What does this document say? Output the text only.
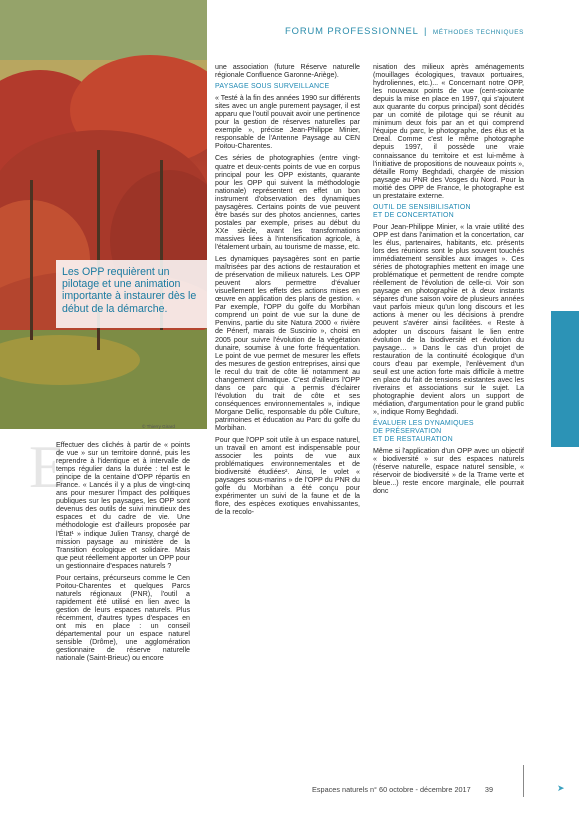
Les OPP requièrent un pilotage et une animation importante à instaurer dès le début de la démarche.

© Thierry Girard
FORUM PROFESSIONNEL | MÉTHODES TECHNIQUES
E

Effectuer des clichés à partir de « points de vue » sur un territoire donné, puis les reprendre à l'identique et à intervalle de temps régulier dans la durée : tel est le principe de la centaine d'OPP répartis en France. « Lancés il y a plus de vingt-cinq ans pour mesurer l'impact des politiques publiques sur les paysages, les OPP sont devenus des outils de suivi minutieux des espaces et du cadre de vie. Une méthodologie est d'ailleurs proposée par l'État¹ » indique Julien Transy, chargé de mission paysage au ministère de la Transition écologique et solidaire. Mais que peut réellement apporter un OPP pour un gestionnaire d'espaces naturels ?

Pour certains, précurseurs comme le Cen Poitou-Charentes et quelques Parcs naturels régionaux (PNR), l'outil a rapidement été utilisé en lien avec la gestion de leurs espaces naturels. Plus récemment, d'autres types d'espaces en ont mis en place : un conseil départemental pour un espace naturel sensible (Drôme), une agglomération gestionnaire de réserve naturelle nationale (Saint-Brieuc) ou encore

une association (future Réserve naturelle régionale Confluence Garonne-Ariège).

PAYSAGE SOUS SURVEILLANCE

« Testé à la fin des années 1990 sur différents sites avec un angle purement paysager, il est apparu que l'outil pouvait avoir une pertinence pour la gestion de réserves naturelles par exemple », précise Jean-Philippe Minier, responsable de l'Antenne Paysage au CEN Poitou-Charentes.

Ces séries de photographies (entre vingt-quatre et deux-cents points de vue en corpus principal pour les OPP existants, quarante pour les OPP qui suivent la méthodologie nationale) représentent en effet un bon instrument d'observation des dynamiques paysagères. Certains points de vue peuvent être basés sur des photos anciennes, cartes postales par exemple, prises au début du XXe siècle, avant les transformations massives liées à l'intensification agricole, à l'étalement urbain, au tourisme de masse, etc.

Les dynamiques paysagères sont en partie maîtrisées par des actions de restauration et de préservation de milieux naturels. Les OPP peuvent alors permettre d'évaluer visuellement les effets des actions mises en œuvre en application des plans de gestion. « Par exemple, l'OPP du golfe du Morbihan comprend un point de vue sur la dune de Penvins, partie du site Natura 2000 « rivière de Pénerf, marais de Suscinio », choisi en 2005 pour suivre l'évolution de la végétation dunaire, soumise à une forte fréquentation. Le point de vue permet de mesurer les effets des mesures de gestion entreprises, ainsi que le recul du trait de côte lié notamment au changement climatique. C'est d'ailleurs l'OPP dans ce parc qui a permis d'éclairer l'évolution du trait de côte et ses conséquences environnementales », indique Morgane Dellic, responsable du pôle Culture, patrimoines et éducation au Parc du golfe du Morbihan.

Pour que l'OPP soit utile à un espace naturel, un travail en amont est indispensable pour associer les points de vue aux problématiques environnementales et de biodiversité étudiées². Ainsi, le volet « paysages sous-marins » de l'OPP du PNR du golfe du Morbihan a été conçu pour expérimenter un suivi de la faune et de la flore, des espèces exotiques envahissantes, de la recolo-

nisation des milieux après aménagements (mouillages écologiques, travaux portuaires, hydroliennes, etc.)... « Concernant notre OPP, les nouveaux points de vue (cent-soixante depuis la mise en place en 1997, qui s'ajoutent aux quarante du corpus principal) sont décidés par un comité de pilotage qui se réunit au minimum deux fois par an et qui comprend l'équipe du parc, le photographe, des élus et la Dreal. Comme c'est le même photographe depuis 1997, il possède une vraie connaissance du territoire et est lui-même à l'initiative de propositions de nouveaux points », détaille Romy Beghdadi, chargée de mission paysage au PNR des Vosges du Nord. Pour la moitié des OPP de France, le photographe est un prestataire externe.

OUTIL DE SENSIBILISATION

ET DE CONCERTATION

Pour Jean-Philippe Minier, « la vraie utilité des OPP est dans l'animation et la concertation, car les élus, partenaires, habitants, etc. présents lors des réunions sont le plus souvent touchés immédiatement sensibles aux images ». Ces séries de photographies mettent en image une problématique et permettent de rendre compte réellement de l'évolution de celle-ci. Voir son paysage en photographie et à deux instants sépares d'une saison voire de plusieurs années vaut parfois mieux qu'un long discours et les actions à mener ou les décisions à prendre peuvent s'avérer ainsi facilitées. « Reste à adopter un discours faisant le lien entre évolution de la biodiversité et évolution du paysage… » Dans le cas d'un projet de restauration de la continuité écologique d'un cours d'eau par exemple, l'enlèvement d'un seuil est une action forte mais difficile à mettre en place du fait de tensions existantes avec les riverains et associations sur le sujet. La photographie devient alors un support de médiation, d'argumentation pour le grand public », indique Romy Beghdadi.

ÉVALUER LES DYNAMIQUES

DE PRÉSERVATION

ET DE RESTAURATION

Même si l'application d'un OPP avec un objectif « biodiversité » sur des espaces naturels (réserve naturelle, espace naturel sensible, « réservoir de biodiversité » de la Trame verte et bleue...) reste encore marginale, elle pourrait donc

➤
Espaces naturels n° 60 octobre - décembre 2017 39
